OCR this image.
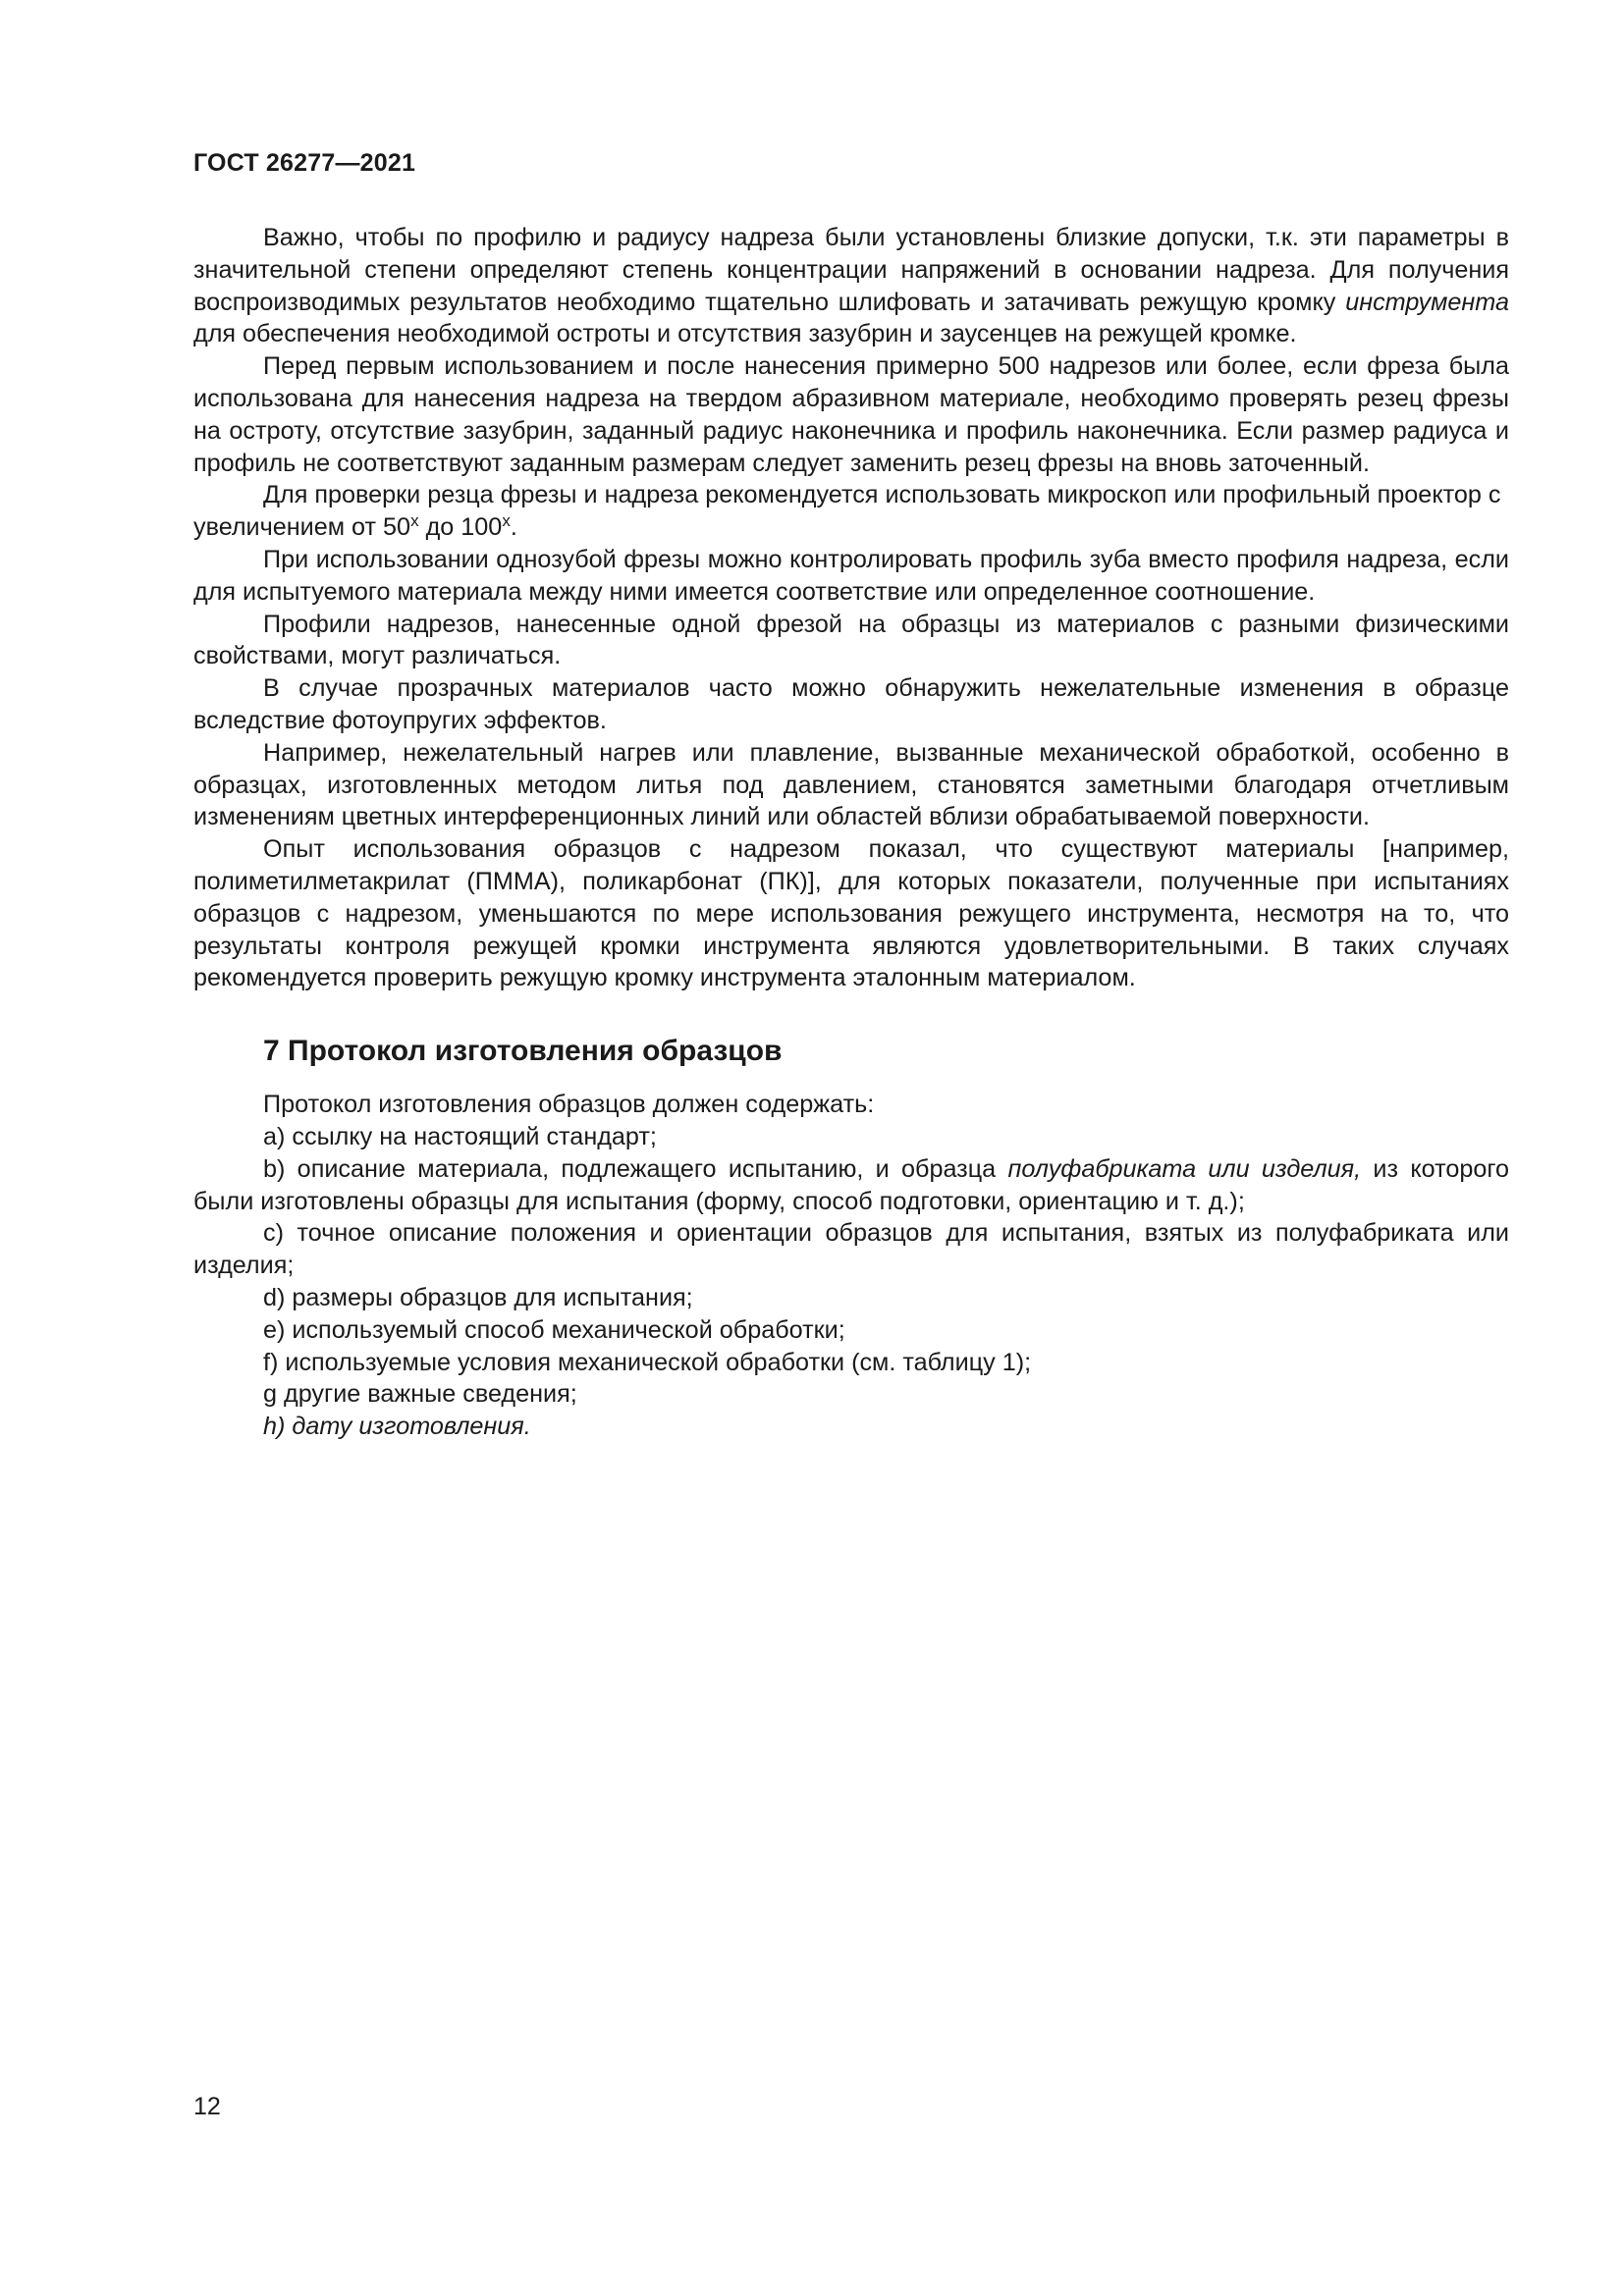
ГОСТ 26277—2021

Важно, чтобы по профилю и радиусу надреза были установлены близкие допуски, т.к. эти параметры в значительной степени определяют степень концентрации напряжений в основании надреза. Для получения воспроизводимых результатов необходимо тщательно шлифовать и затачивать режущую кромку инструмента для обеспечения необходимой остроты и отсутствия зазубрин и заусенцев на режущей кромке.

Перед первым использованием и после нанесения примерно 500 надрезов или более, если фреза была использована для нанесения надреза на твердом абразивном материале, необходимо проверять резец фрезы на остроту, отсутствие зазубрин, заданный радиус наконечника и профиль наконечника. Если размер радиуса и профиль не соответствуют заданным размерам следует заменить резец фрезы на вновь заточенный.

Для проверки резца фрезы и надреза рекомендуется использовать микроскоп или профильный проектор с увеличением от 50$^x$ до 100$^x$.

При использовании однозубой фрезы можно контролировать профиль зуба вместо профиля надреза, если для испытуемого материала между ними имеется соответствие или определенное соотношение.

Профили надрезов, нанесенные одной фрезой на образцы из материалов с разными физическими свойствами, могут различаться.

В случае прозрачных материалов часто можно обнаружить нежелательные изменения в образце вследствие фотоупругих эффектов.

Например, нежелательный нагрев или плавление, вызванные механической обработкой, особенно в образцах, изготовленных методом литья под давлением, становятся заметными благодаря отчетливым изменениям цветных интерференционных линий или областей вблизи обрабатываемой поверхности.

Опыт использования образцов с надрезом показал, что существуют материалы [например, полиметилметакрилат (ПММА), поликарбонат (ПК)], для которых показатели, полученные при испытаниях образцов с надрезом, уменьшаются по мере использования режущего инструмента, несмотря на то, что результаты контроля режущей кромки инструмента являются удовлетворительными. В таких случаях рекомендуется проверить режущую кромку инструмента эталонным материалом.

7 Протокол изготовления образцов

Протокол изготовления образцов должен содержать:

a) ссылку на настоящий стандарт;

b) описание материала, подлежащего испытанию, и образца полуфабриката или изделия, из которого были изготовлены образцы для испытания (форму, способ подготовки, ориентацию и т. д.);

c) точное описание положения и ориентации образцов для испытания, взятых из полуфабриката или изделия;

d) размеры образцов для испытания;

e) используемый способ механической обработки;

f) используемые условия механической обработки (см. таблицу 1);

g другие важные сведения;

h) дату изготовления.

12
